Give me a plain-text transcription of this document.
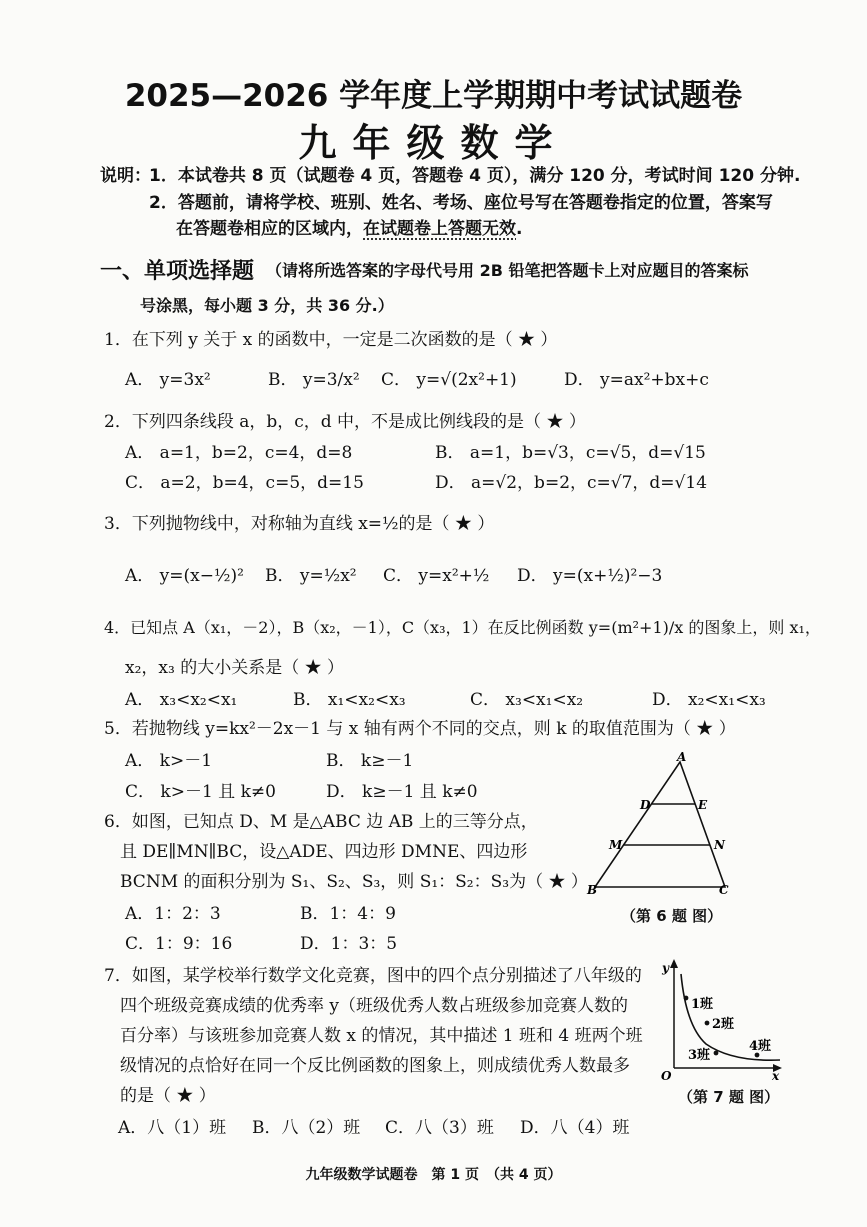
2025—2026 学年度上学期期中考试试题卷
九年级数学
说明：
1．本试卷共 8 页（试题卷 4 页，答题卷 4 页），满分 120 分，考试时间 120 分钟.
2．答题前，请将学校、班别、姓名、考场、座位号写在答题卷指定的位置，答案写
在答题卷相应的区域内，在试题卷上答题无效.
一、单项选择题 （请将所选答案的字母代号用 2B 铅笔把答题卡上对应题目的答案标
号涂黑，每小题 3 分，共 36 分.）
1．在下列 y 关于 x 的函数中，一定是二次函数的是（ ★ ）
A． y=3x²	B． y=3/x² C． y=√(2x²+1)	D． y=ax²+bx+c
2．下列四条线段 a，b，c，d 中，不是成比例线段的是（ ★ ）
A． a=1，b=2，c=4，d=8	B． a=1，b=√3，c=√5，d=√15
C． a=2，b=4，c=5，d=15	D． a=√2，b=2，c=√7，d=√14
3．下列抛物线中，对称轴为直线 x=½的是（ ★ ）
A． y=(x−½)² B． y=½x² C． y=x²+½ D． y=(x+½)²−3
4．已知点 A（x₁，－2），B（x₂，－1），C（x₃，1）在反比例函数 y=(m²+1)/x 的图象上，则 x₁，
x₂，x₃ 的大小关系是（ ★ ）
A． x₃<x₂<x₁	B． x₁<x₂<x₃	C． x₃<x₁<x₂	D． x₂<x₁<x₃
5．若抛物线 y=kx²－2x－1 与 x 轴有两个不同的交点，则 k 的取值范围为（ ★ ）
A． k>－1	B． k≥－1
C． k>－1 且 k≠0	D． k≥－1 且 k≠0
6．如图，已知点 D、M 是△ABC 边 AB 上的三等分点，
且 DE∥MN∥BC，设△ADE、四边形 DMNE、四边形
BCNM 的面积分别为 S₁、S₂、S₃，则 S₁：S₂：S₃为（ ★ ）
A．1：2：3	B．1：4：9
C．1：9：16	D．1：3：5
A
D	E
M	N
B	C
（第 6 题 图）
7．如图，某学校举行数学文化竞赛，图中的四个点分别描述了八年级的
四个班级竞赛成绩的优秀率 y（班级优秀人数占班级参加竞赛人数的
百分率）与该班参加竞赛人数 x 的情况，其中描述 1 班和 4 班两个班
级情况的点恰好在同一个反比例函数的图象上，则成绩优秀人数最多
的是（ ★ ）
A．八（1）班 B．八（2）班 C．八（3）班 D．八（4）班
y
x
O
1班
2班
3班
4班
（第 7 题 图）
九年级数学试题卷　第 1 页　（共 4 页）
